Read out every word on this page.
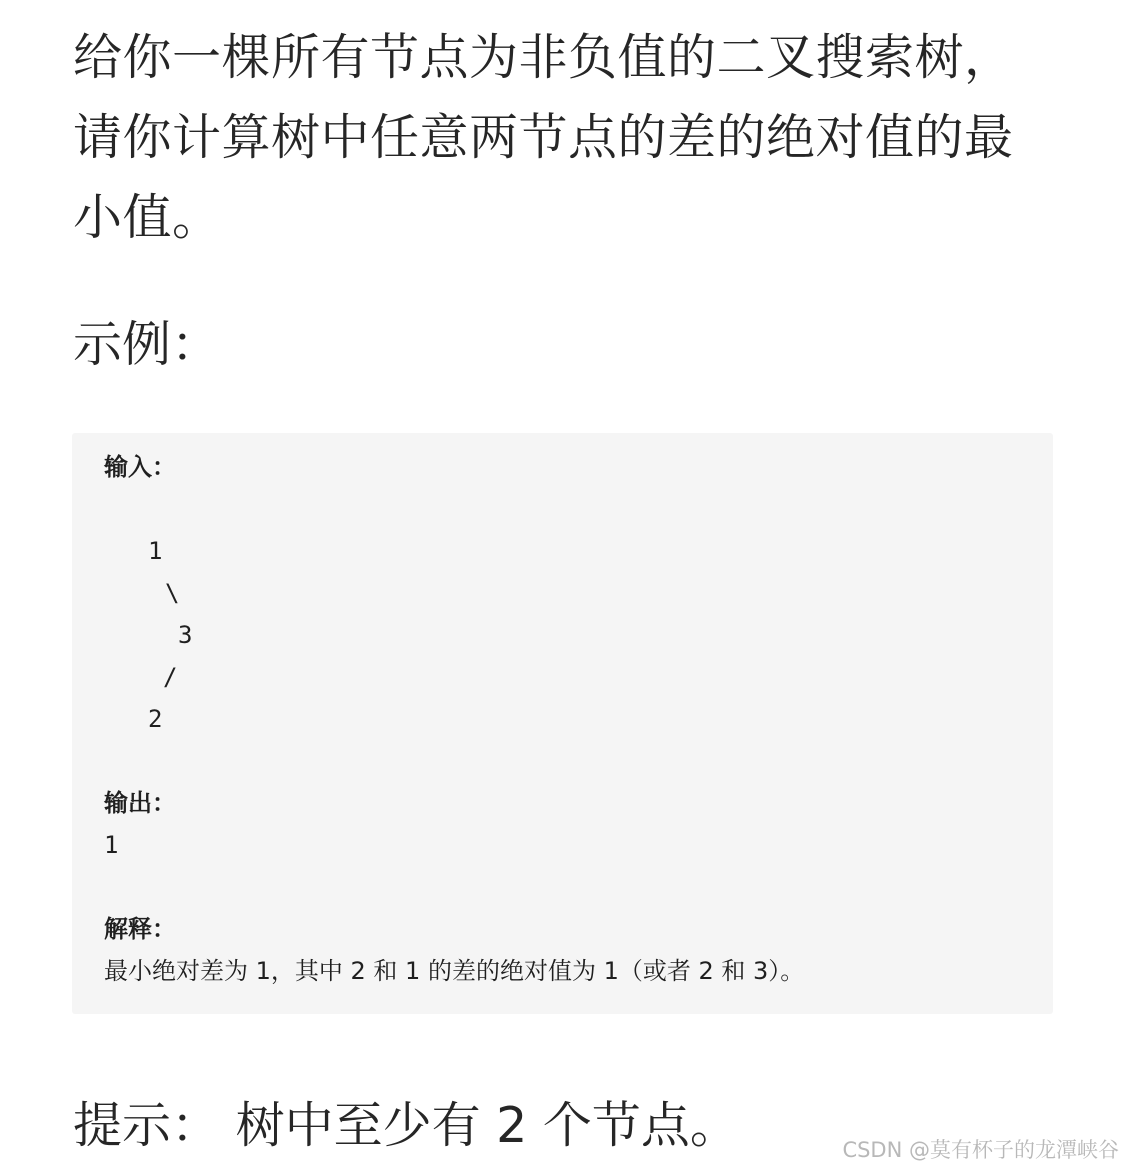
给你一棵所有节点为非负值的二叉搜索树，请你计算树中任意两节点的差的绝对值的最小值。

示例：

输入：

1

\

3

/

2

输出：

1

解释：

最小绝对差为 1，其中 2 和 1 的差的绝对值为 1（或者 2 和 3）。

提示： 树中至少有 2 个节点。	CSDN @莫有杯子的龙潭峡谷
